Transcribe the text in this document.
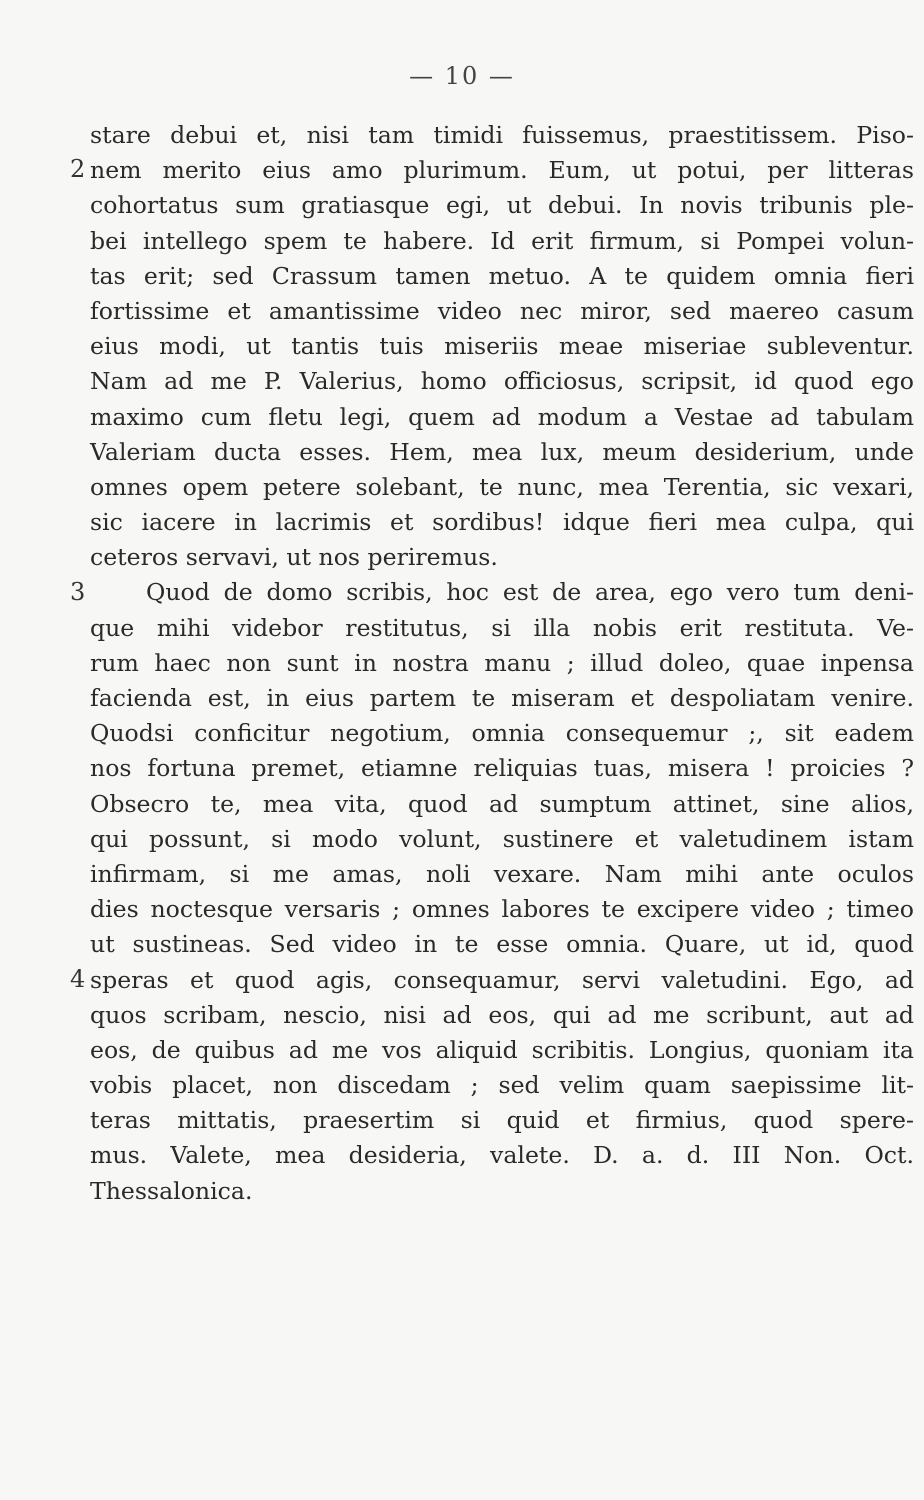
— 10 —
2
3
4
stare debui et, nisi tam timidi fuissemus, praestitissem. Piso-
nem merito eius amo plurimum. Eum, ut potui, per litteras
cohortatus sum gratiasque egi, ut debui. In novis tribunis ple-
bei intellego spem te habere. Id erit firmum, si Pompei volun-
tas erit; sed Crassum tamen metuo. A te quidem omnia fieri
fortissime et amantissime video nec miror, sed maereo casum
eius modi, ut tantis tuis miseriis meae miseriae subleventur.
Nam ad me P. Valerius, homo officiosus, scripsit, id quod ego
maximo cum fletu legi, quem ad modum a Vestae ad tabulam
Valeriam ducta esses. Hem, mea lux, meum desiderium, unde
omnes opem petere solebant, te nunc, mea Terentia, sic vexari,
sic iacere in lacrimis et sordibus! idque fieri mea culpa, qui
ceteros servavi, ut nos periremus.
Quod de domo scribis, hoc est de area, ego vero tum deni-
que mihi videbor restitutus, si illa nobis erit restituta. Ve-
rum haec non sunt in nostra manu ; illud doleo, quae inpensa
facienda est, in eius partem te miseram et despoliatam venire.
Quodsi conficitur negotium, omnia consequemur ;, sit eadem
nos fortuna premet, etiamne reliquias tuas, misera ! proicies ?
Obsecro te, mea vita, quod ad sumptum attinet, sine alios,
qui possunt, si modo volunt, sustinere et valetudinem istam
infirmam, si me amas, noli vexare. Nam mihi ante oculos
dies noctesque versaris ; omnes labores te excipere video ; timeo
ut sustineas. Sed video in te esse omnia. Quare, ut id, quod
speras et quod agis, consequamur, servi valetudini. Ego, ad
quos scribam, nescio, nisi ad eos, qui ad me scribunt, aut ad
eos, de quibus ad me vos aliquid scribitis. Longius, quoniam ita
vobis placet, non discedam ; sed velim quam saepissime lit-
teras mittatis, praesertim si quid et firmius, quod spere-
mus. Valete, mea desideria, valete. D. a. d. III Non. Oct.
Thessalonica.
